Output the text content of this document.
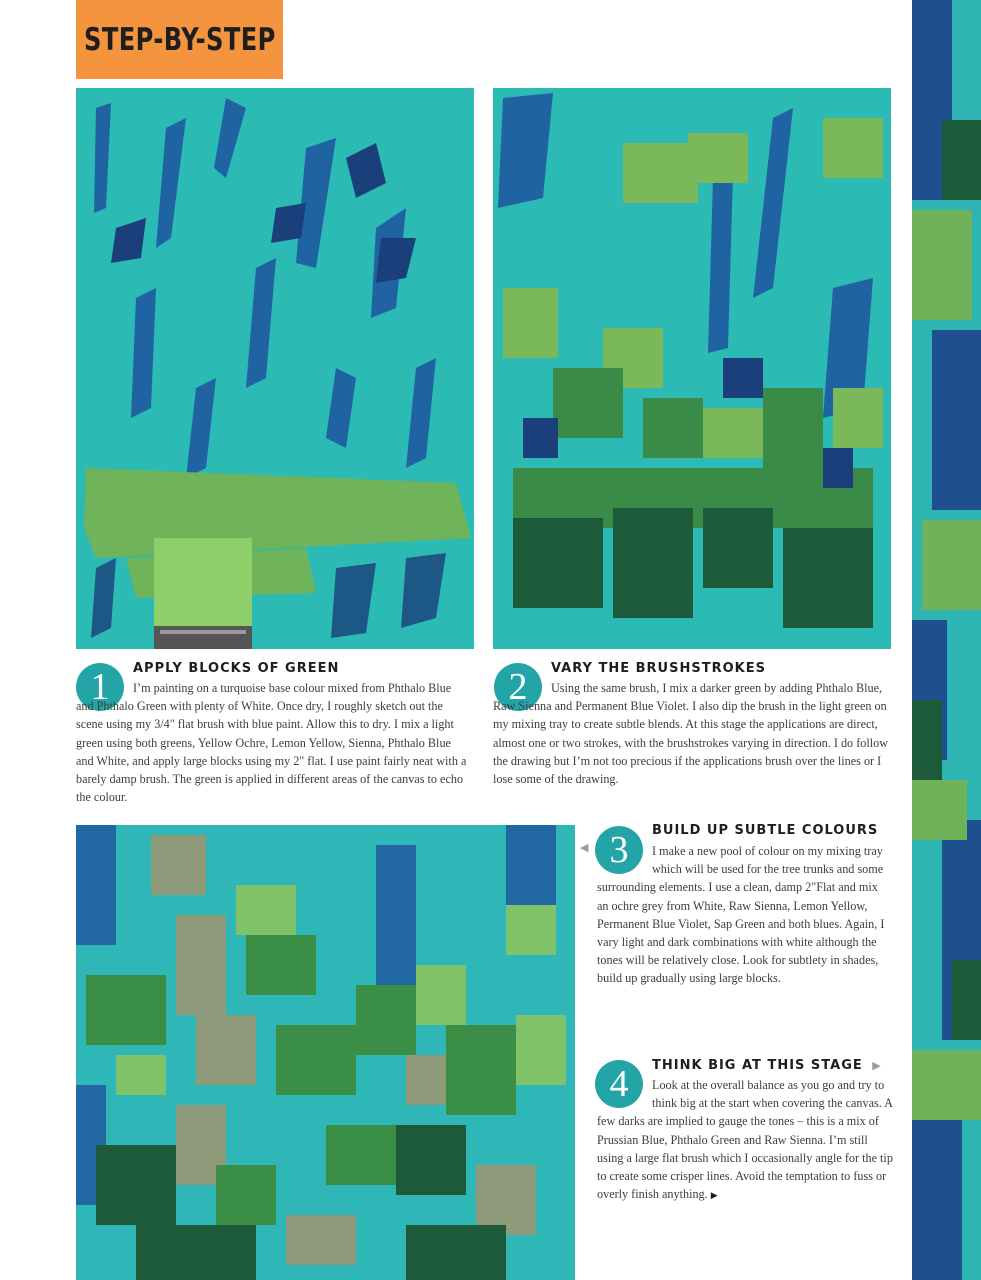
STEP-BY-STEP
1	APPLY BLOCKS OF GREEN
I’m painting on a turquoise base colour mixed from Phthalo Blue and Phthalo Green with plenty of White. Once dry, I roughly sketch out the scene using my 3/4" flat brush with blue paint. Allow this to dry. I mix a light green using both greens, Yellow Ochre, Lemon Yellow, Sienna, Phthalo Blue and White, and apply large blocks using my 2" flat. I use paint fairly neat with a barely damp brush. The green is applied in different areas of the canvas to echo the colour.
2	VARY THE BRUSHSTROKES
Using the same brush, I mix a darker green by adding Phthalo Blue, Raw Sienna and Permanent Blue Violet. I also dip the brush in the light green on my mixing tray to create subtle blends. At this stage the applications are direct, almost one or two strokes, with the brushstrokes varying in direction. I do follow the drawing but I’m not too precious if the applications brush over the lines or I lose some of the drawing.
◀ 3	BUILD UP SUBTLE COLOURS
I make a new pool of colour on my mixing tray which will be used for the tree trunks and some surrounding elements. I use a clean, damp 2"Flat and mix an ochre grey from White, Raw Sienna, Lemon Yellow, Permanent Blue Violet, Sap Green and both blues. Again, I vary light and dark combinations with white although the tones will be relatively close. Look for subtlety in shades, build up gradually using large blocks.
4	THINK BIG AT THIS STAGE ▶
Look at the overall balance as you go and try to think big at the start when covering the canvas. A few darks are implied to gauge the tones – this is a mix of Prussian Blue, Phthalo Green and Raw Sienna. I’m still using a large flat brush which I occasionally angle for the tip to create some crisper lines. Avoid the temptation to fuss or overly finish anything. ▶
